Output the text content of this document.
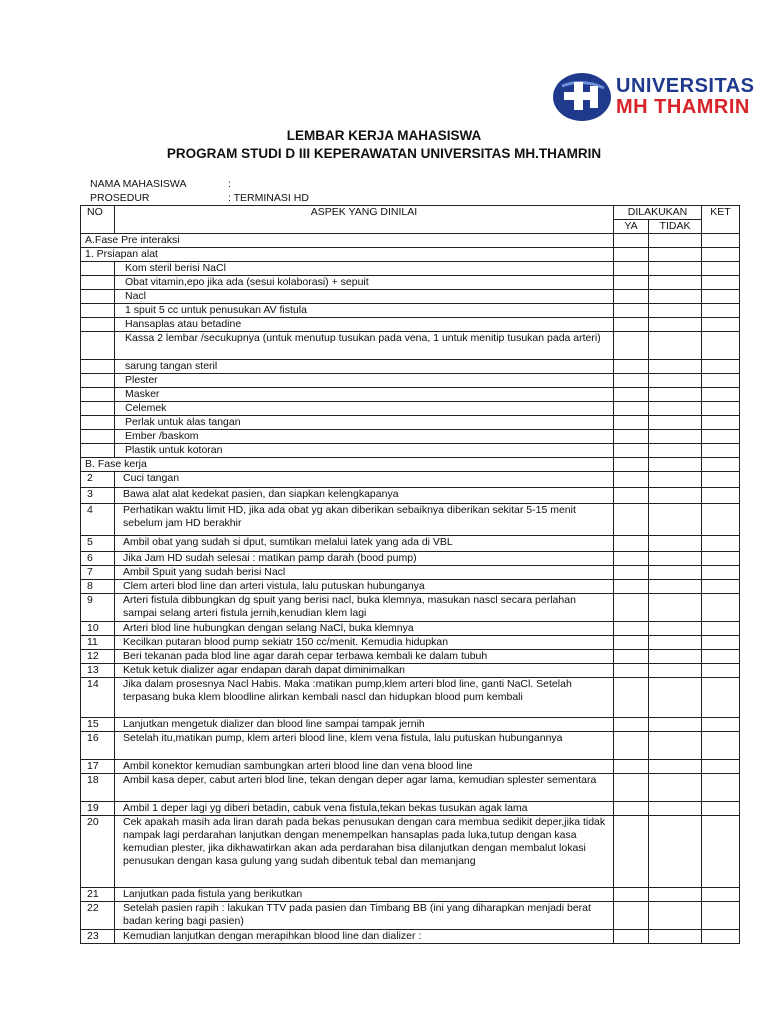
UNIVERSITAS
MH THAMRIN
LEMBAR KERJA MAHASISWA
PROGRAM STUDI D III KEPERAWATAN UNIVERSITAS MH.THAMRIN
NAMA MAHASISWA	:
PROSEDUR	: TERMINASI HD
NO	ASPEK YANG DINILAI	DILAKUKAN		KET
		YA	TIDAK	
A.Fase Pre interaksi				
1. Prsiapan alat				
	Kom steril berisi NaCl			
	Obat vitamin,epo jika ada (sesui kolaborasi) + sepuit			
	Nacl			
	1 spuit 5 cc untuk penusukan AV fistula			
	Hansaplas atau betadine			
	Kassa 2 lembar /secukupnya (untuk menutup tusukan pada vena, 1 untuk menitip tusukan pada arteri)			
	sarung tangan steril			
	Plester			
	Masker			
	Celemek			
	Perlak untuk alas tangan			
	Ember /baskom			
	Plastik untuk kotoran			
B. Fase kerja				
2	Cuci tangan			
3	Bawa alat alat kedekat pasien, dan siapkan kelengkapanya			
4	Perhatikan waktu limit HD, jika ada obat yg akan diberikan sebaiknya diberikan sekitar 5-15 menit sebelum jam HD berakhir			
5	Ambil obat yang sudah si dput, sumtikan melalui latek yang ada di VBL			
6	Jika Jam HD sudah selesai : matikan pamp darah (bood pump)			
7	Ambil Spuit yang sudah berisi Nacl			
8	Clem arteri blod line dan arteri vistula, lalu putuskan hubunganya			
9	Arteri fistula dibbungkan dg spuit yang berisi nacl, buka klemnya, masukan nascl secara perlahan sampai selang arteri fistula jernih,kenudian klem lagi			
10	Arteri blod line hubungkan dengan selang NaCl, buka klemnya			
11	Kecilkan putaran blood pump sekiatr 150 cc/menit. Kemudia hidupkan			
12	Beri tekanan pada blod line agar darah cepar terbawa kembali ke dalam tubuh			
13	Ketuk ketuk dializer agar endapan darah dapat diminimalkan			
14	Jika dalam prosesnya Nacl Habis. Maka :matikan pump,klem arteri blod line, ganti NaCl. Setelah terpasang buka klem bloodline alirkan kembali nascl dan hidupkan blood pum kembali			
15	Lanjutkan mengetuk dializer dan blood line sampai tampak jernih			
16	Setelah itu,matikan pump, klem arteri blood line, klem vena fistula, lalu putuskan hubungannya			
17	Ambil konektor kemudian sambungkan arteri blood line dan vena blood line			
18	Ambil kasa deper, cabut arteri blod line, tekan dengan deper agar lama, kemudian splester sementara			
19	Ambil 1 deper lagi yg diberi betadin, cabuk vena fistula,tekan bekas tusukan agak lama			
20	Cek apakah masih ada liran darah pada bekas penusukan dengan cara membua sedikit deper,jika tidak nampak lagi perdarahan lanjutkan dengan menempelkan hansaplas pada luka,tutup dengan kasa kemudian plester, jika dikhawatirkan akan ada perdarahan bisa dilanjutkan dengan membalut lokasi penusukan dengan kasa gulung yang sudah dibentuk tebal dan memanjang			
21	Lanjutkan pada fistula yang berikutkan			
22	Setelah pasien rapih : lakukan TTV pada pasien dan Timbang BB (ini yang diharapkan menjadi berat badan kering bagi pasien)			
23	Kemudian lanjutkan dengan merapihkan blood line dan dializer :			
